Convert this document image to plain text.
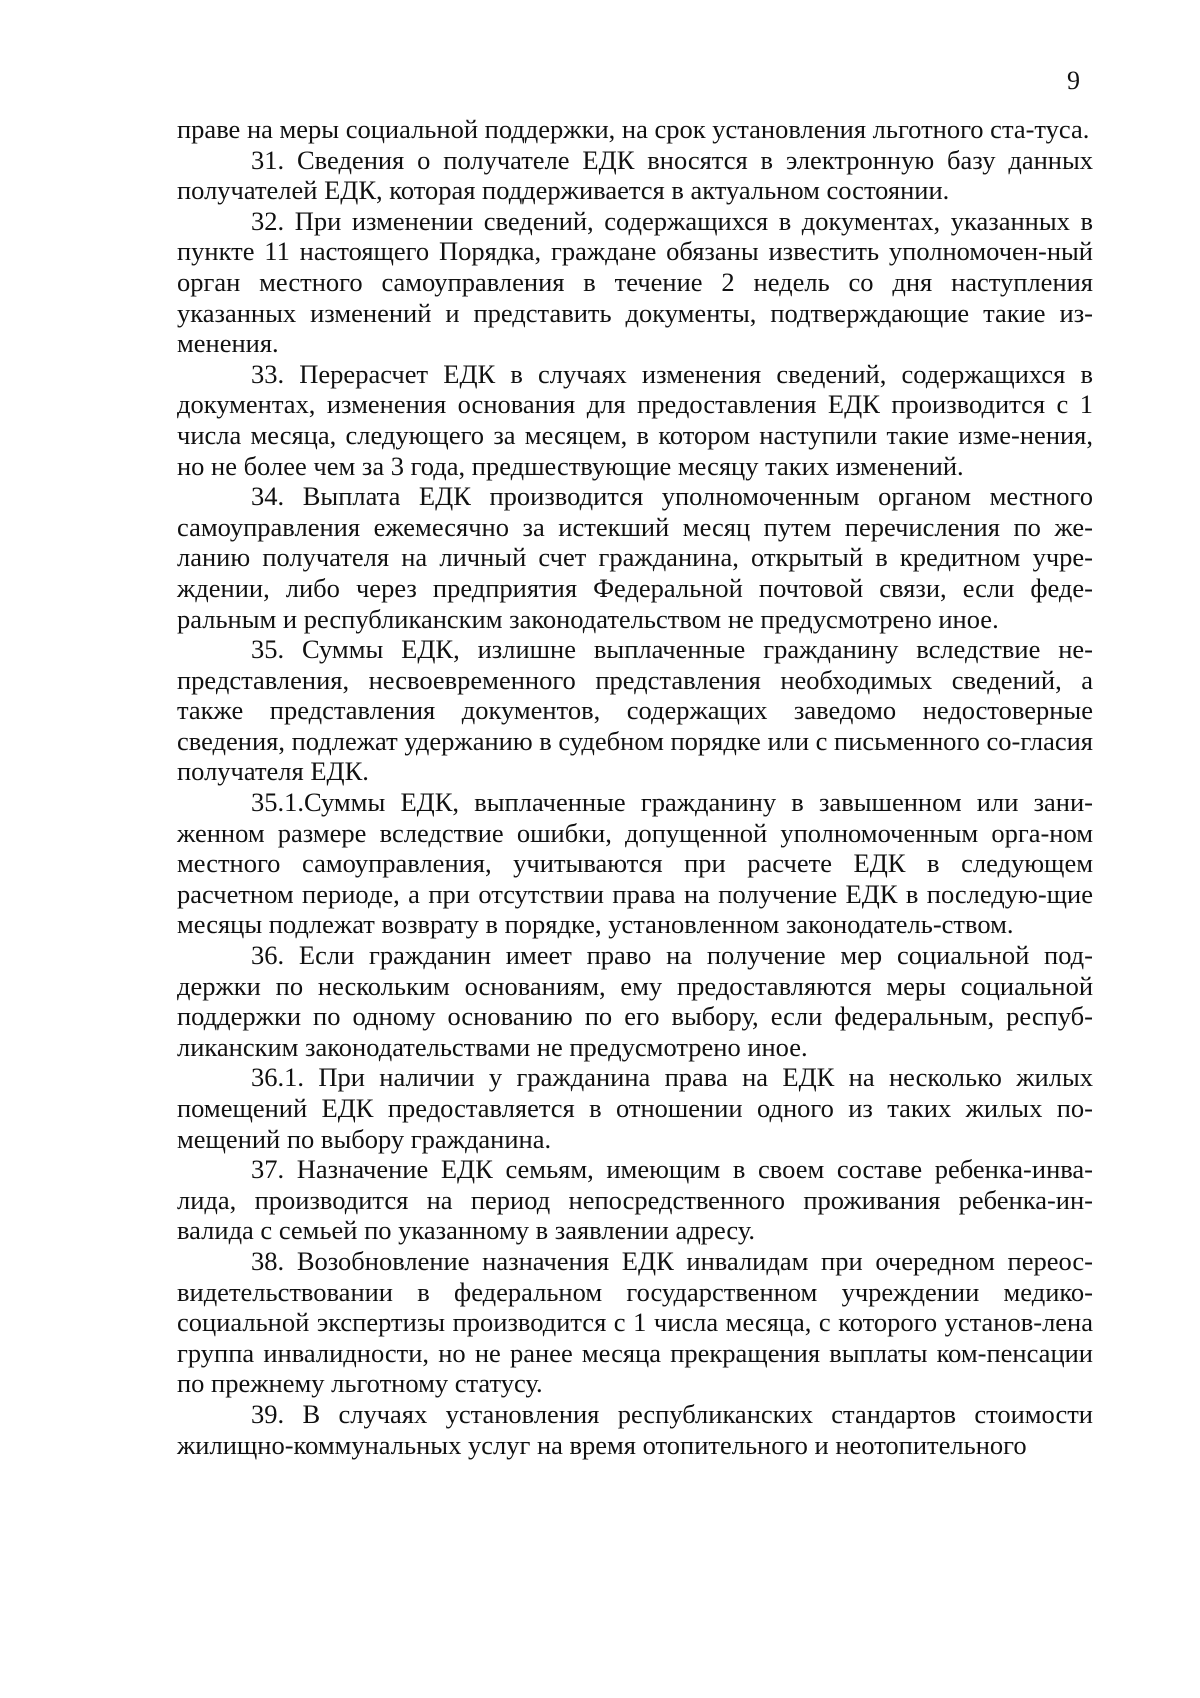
9

праве на меры социальной поддержки, на срок установления льготного ста-туса.

31. Сведения о получателе ЕДК вносятся в электронную базу данных получателей ЕДК, которая поддерживается в актуальном состоянии.

32. При изменении сведений, содержащихся в документах, указанных в пункте 11 настоящего Порядка, граждане обязаны известить уполномочен-ный орган местного самоуправления в течение 2 недель со дня наступления указанных изменений и представить документы, подтверждающие такие из-менения.

33. Перерасчет ЕДК в случаях изменения сведений, содержащихся в документах, изменения основания для предоставления ЕДК производится с 1 числа месяца, следующего за месяцем, в котором наступили такие изме-нения, но не более чем за 3 года, предшествующие месяцу таких изменений.

34. Выплата ЕДК производится уполномоченным органом местного самоуправления ежемесячно за истекший месяц путем перечисления по же-ланию получателя на личный счет гражданина, открытый в кредитном учре-ждении, либо через предприятия Федеральной почтовой связи, если феде-ральным и республиканским законодательством не предусмотрено иное.

35. Суммы ЕДК, излишне выплаченные гражданину вследствие не-представления, несвоевременного представления необходимых сведений, а также представления документов, содержащих заведомо недостоверные сведения, подлежат удержанию в судебном порядке или с письменного со-гласия получателя ЕДК.

35.1.Суммы ЕДК, выплаченные гражданину в завышенном или зани-женном размере вследствие ошибки, допущенной уполномоченным орга-ном местного самоуправления, учитываются при расчете ЕДК в следующем расчетном периоде, а при отсутствии права на получение ЕДК в последую-щие месяцы подлежат возврату в порядке, установленном законодатель-ством.

36. Если гражданин имеет право на получение мер социальной под-держки по нескольким основаниям, ему предоставляются меры социальной поддержки по одному основанию по его выбору, если федеральным, респуб-ликанским законодательствами не предусмотрено иное.

36.1. При наличии у гражданина права на ЕДК на несколько жилых помещений ЕДК предоставляется в отношении одного из таких жилых по-мещений по выбору гражданина.

37. Назначение ЕДК семьям, имеющим в своем составе ребенка-инва-лида, производится на период непосредственного проживания ребенка-ин-валида с семьей по указанному в заявлении адресу.

38. Возобновление назначения ЕДК инвалидам при очередном переос-видетельствовании в федеральном государственном учреждении медико-социальной экспертизы производится с 1 числа месяца, с которого установ-лена группа инвалидности, но не ранее месяца прекращения выплаты ком-пенсации по прежнему льготному статусу.

39. В случаях установления республиканских стандартов стоимости жилищно-коммунальных услуг на время отопительного и неотопительного
